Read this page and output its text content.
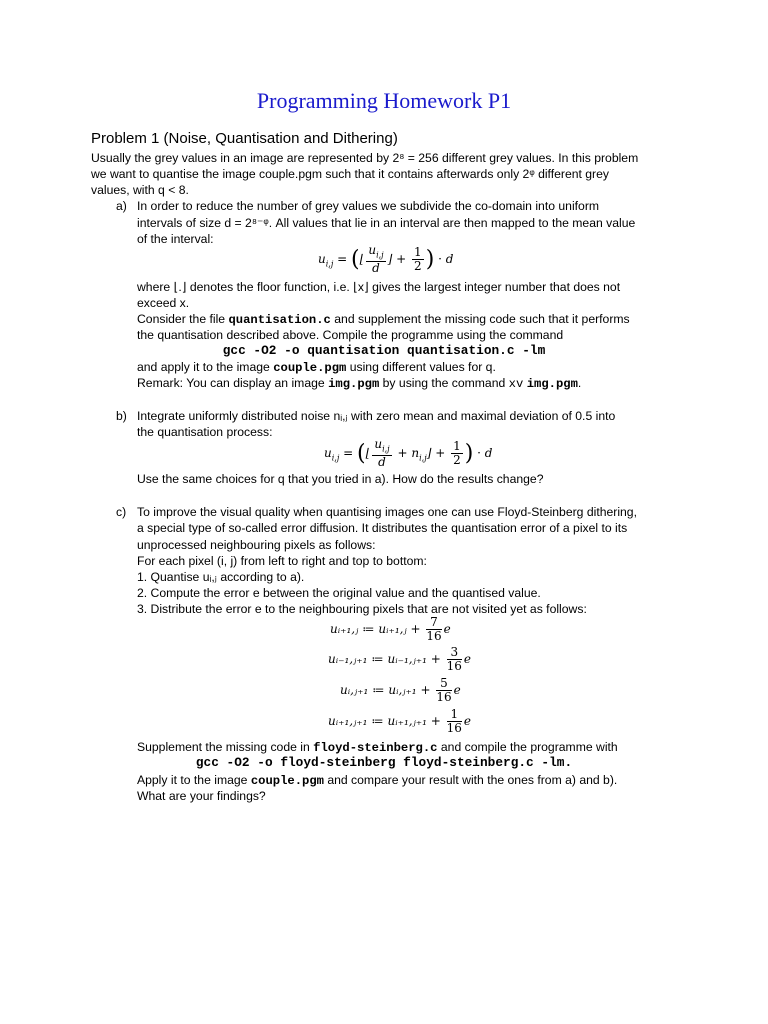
Programming Homework P1
Problem 1 (Noise, Quantisation and Dithering)
Usually the grey values in an image are represented by 2⁸ = 256 different grey values. In this problem
we want to quantise the image couple.pgm such that it contains afterwards only 2ᵠ different grey
values, with q < 8.
a) In order to reduce the number of grey values we subdivide the co-domain into uniform
intervals of size d = 2⁸⁻ᵠ. All values that lie in an interval are then mapped to the mean value
of the interval:
$u_{i,j}$ = (⌊ $\frac{u_{i,j}}{d}$ ⌋ + $\frac{1}{2}$ ) · d
where ⌊.⌋ denotes the floor function, i.e. ⌊x⌋ gives the largest integer number that does not
exceed x.
Consider the file quantisation.c and supplement the missing code such that it performs
the quantisation described above. Compile the programme using the command
gcc -O2 -o quantisation quantisation.c -lm
and apply it to the image couple.pgm using different values for q.
Remark: You can display an image img.pgm by using the command xv img.pgm.
b) Integrate uniformly distributed noise nᵢ,ⱼ with zero mean and maximal deviation of 0.5 into
the quantisation process:
$u_{i,j}$ = (⌊ $\frac{u_{i,j}}{d}$ + $n_{i,j}⌋ + \frac{1}{2}$ ) · d
Use the same choices for q that you tried in a). How do the results change?
c) To improve the visual quality when quantising images one can use Floyd-Steinberg dithering,
a special type of so-called error diffusion. It distributes the quantisation error of a pixel to its
unprocessed neighbouring pixels as follows:
For each pixel (i, j) from left to right and top to bottom:
1. Quantise uᵢ,ⱼ according to a).
2. Compute the error e between the original value and the quantised value.
3. Distribute the error e to the neighbouring pixels that are not visited yet as follows:
uᵢ₊₁,ⱼ ≔ uᵢ₊₁,ⱼ + $\frac{7}{16}$ e
uᵢ₋₁,ⱼ₊₁ ≔ uᵢ₋₁,ⱼ₊₁ + $\frac{3}{16}$ e
uᵢ,ⱼ₊₁ ≔ uᵢ,ⱼ₊₁ + $\frac{5}{16}$ e
uᵢ₊₁,ⱼ₊₁ ≔ uᵢ₊₁,ⱼ₊₁ + $\frac{1}{16}$ e
Supplement the missing code in floyd-steinberg.c and compile the programme with
gcc -O2 -o floyd-steinberg floyd-steinberg.c -lm.
Apply it to the image couple.pgm and compare your result with the ones from a) and b).
What are your findings?
